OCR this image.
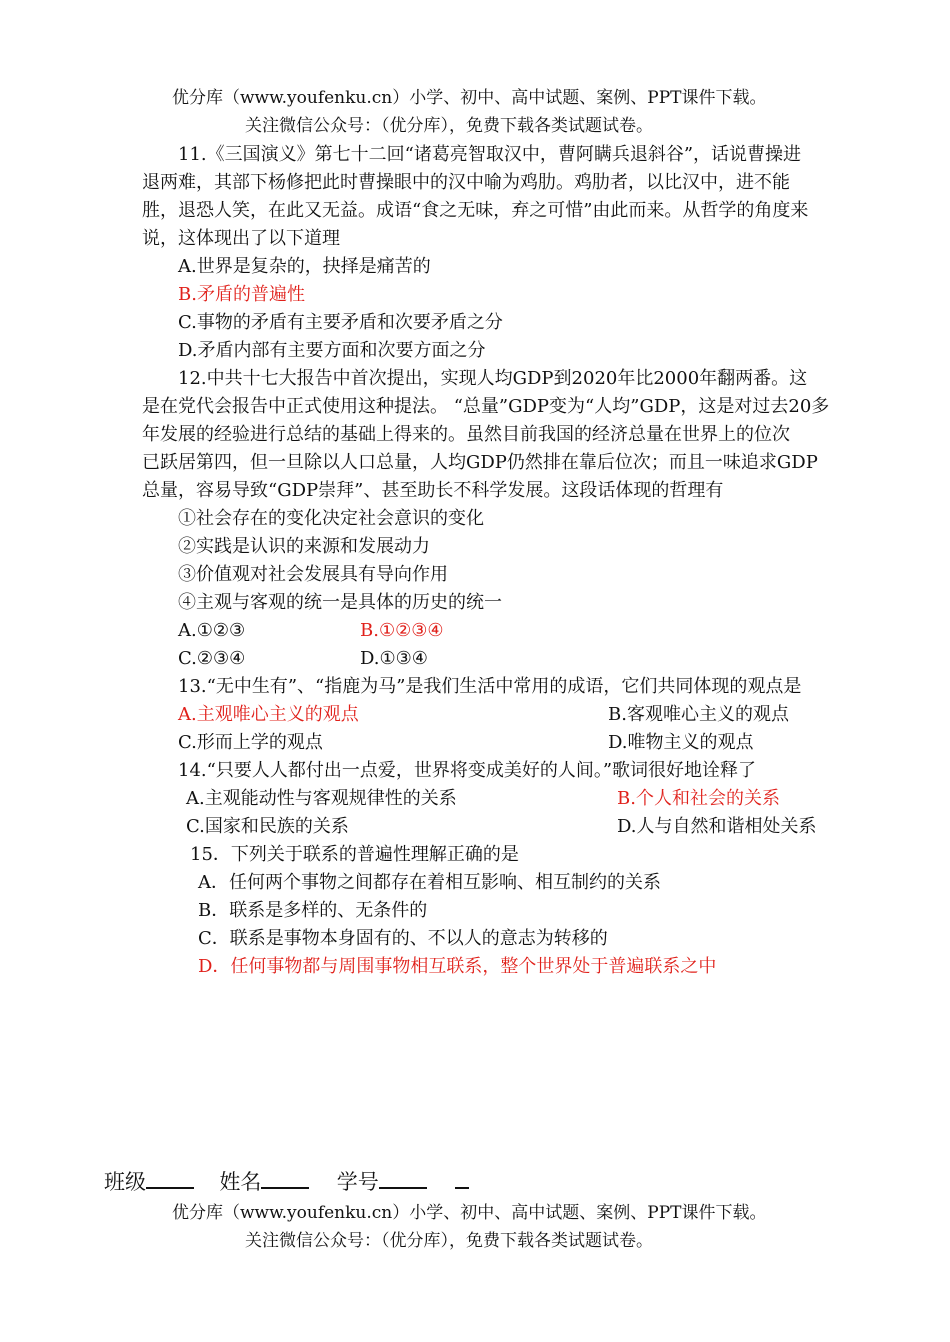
优分库（www.youfenku.cn）小学、初中、高中试题、案例、PPT课件下载。
关注微信公众号：（优分库），免费下载各类试题试卷。
11.《三国演义》第七十二回“诸葛亮智取汉中，曹阿瞒兵退斜谷”，话说曹操进
退两难，其部下杨修把此时曹操眼中的汉中喻为鸡肋。鸡肋者，以比汉中，进不能
胜，退恐人笑，在此又无益。成语“食之无味，弃之可惜”由此而来。从哲学的角度来
说，这体现出了以下道理
A.世界是复杂的，抉择是痛苦的
B.矛盾的普遍性
C.事物的矛盾有主要矛盾和次要矛盾之分
D.矛盾内部有主要方面和次要方面之分
12.中共十七大报告中首次提出，实现人均GDP到2020年比2000年翻两番。这
是在党代会报告中正式使用这种提法。 “总量”GDP变为“人均”GDP，这是对过去20多
年发展的经验进行总结的基础上得来的。虽然目前我国的经济总量在世界上的位次
已跃居第四，但一旦除以人口总量，人均GDP仍然排在靠后位次；而且一味追求GDP
总量，容易导致“GDP崇拜”、甚至助长不科学发展。这段话体现的哲理有
①社会存在的变化决定社会意识的变化
②实践是认识的来源和发展动力
③价值观对社会发展具有导向作用
④主观与客观的统一是具体的历史的统一
A.①②③	B.①②③④
C.②③④	D.①③④
13.“无中生有”、“指鹿为马”是我们生活中常用的成语，它们共同体现的观点是
A.主观唯心主义的观点	B.客观唯心主义的观点
C.形而上学的观点	D.唯物主义的观点
14.“只要人人都付出一点爱，世界将变成美好的人间。”歌词很好地诠释了
A.主观能动性与客观规律性的关系	B.个人和社会的关系
C.国家和民族的关系	D.人与自然和谐相处关系
15．下列关于联系的普遍性理解正确的是
A．任何两个事物之间都存在着相互影响、相互制约的关系
B．联系是多样的、无条件的
C．联系是事物本身固有的、不以人的意志为转移的
D．任何事物都与周围事物相互联系，整个世界处于普遍联系之中
班级	姓名	学号
优分库（www.youfenku.cn）小学、初中、高中试题、案例、PPT课件下载。
关注微信公众号：（优分库），免费下载各类试题试卷。
